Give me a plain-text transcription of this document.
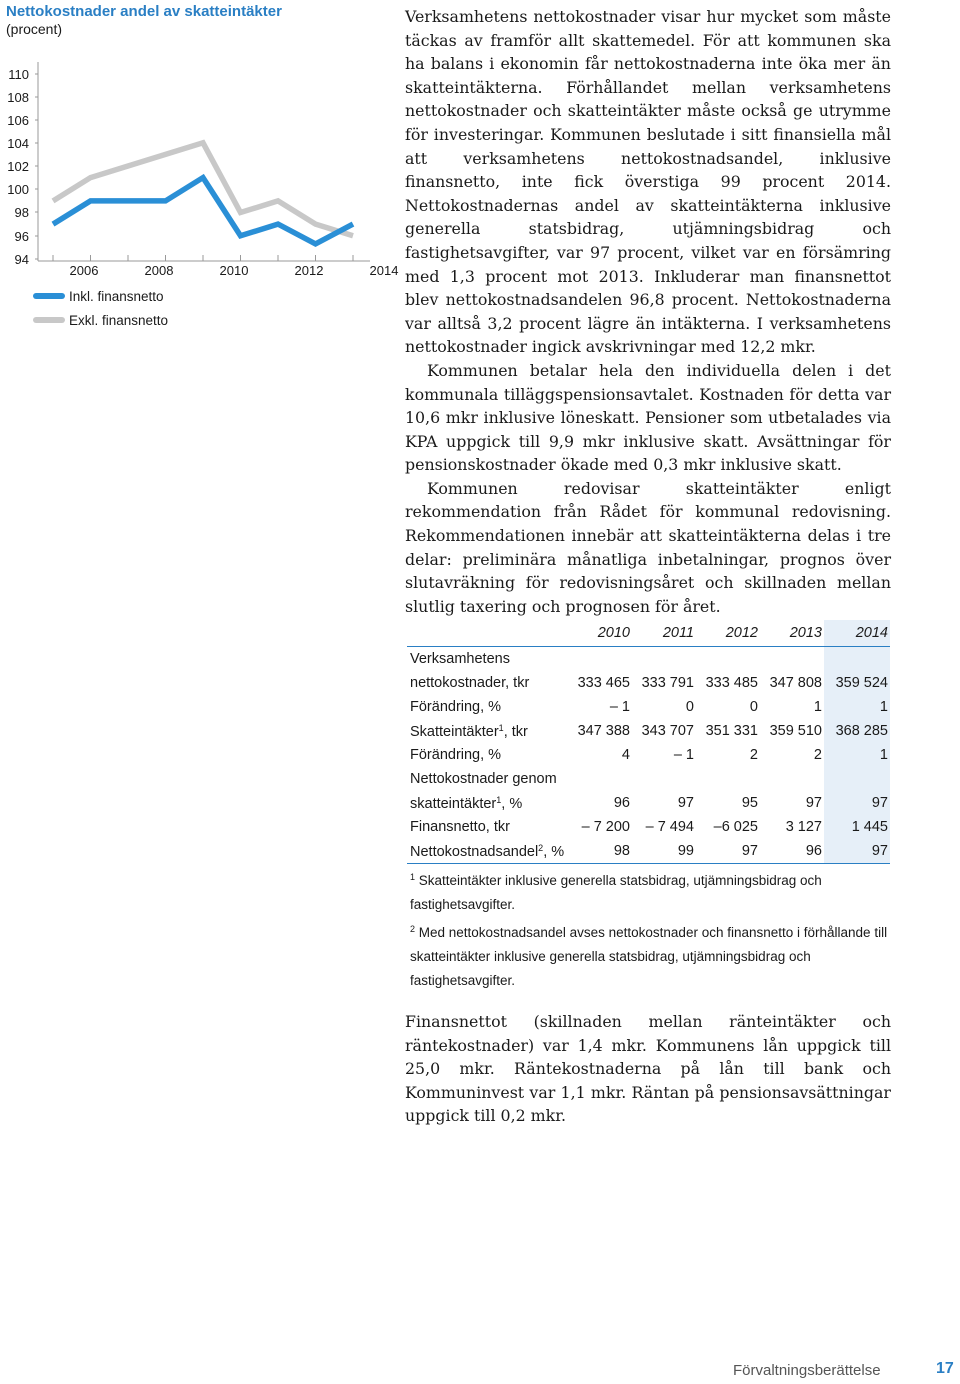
Nettokostnader andel av skatteintäkter
(procent)
110
108
106
104
102
100
98
96
94
2006	2008	2010	2012	2014
Inkl. finansnetto
Exkl. finansnetto

Verksamhetens nettokostnader visar hur mycket som måste täckas av framför allt skattemedel. För att kommunen ska ha balans i ekonomin får nettokostnaderna inte öka mer än skatteintäkterna. Förhållandet mellan verksamhetens nettokostnader och skatteintäkter måste också ge utrymme för investeringar. Kommunen beslutade i sitt finansiella mål att verksamhetens nettokostnadsandel, inklusive finansnetto, inte fick överstiga 99 procent 2014. Nettokostnadernas andel av skatteintäkterna inklusive generella statsbidrag, utjämningsbidrag och fastighetsavgifter, var 97 procent, vilket var en försämring med 1,3 procent mot 2013. Inkluderar man finansnettot blev nettokostnadsandelen 96,8 procent. Nettokostnaderna var alltså 3,2 procent lägre än intäkterna. I verksamhetens nettokostnader ingick avskrivningar med 12,2 mkr.

Kommunen betalar hela den individuella delen i det kommunala tilläggspensionsavtalet. Kostnaden för detta var 10,6 mkr inklusive löneskatt. Pensioner som utbetalades via KPA uppgick till 9,9 mkr inklusive skatt. Avsättningar för pensionskostnader ökade med 0,3 mkr inklusive skatt.

Kommunen redovisar skatteintäkter enligt rekommendation från Rådet för kommunal redovisning. Rekommendationen innebär att skatteintäkterna delas i tre delar: preliminära månatliga inbetalningar, prognos över slutavräkning för redovisningsåret och skillnaden mellan slutlig taxering och prognosen för året.

	2010	2011	2012	2013	2014
Verksamhetens					
nettokostnader, tkr	333 465	333 791	333 485	347 808	359 524
Förändring, %	– 1	0	0	1	1
Skatteintäkter$^1$, tkr	347 388	343 707	351 331	359 510	368 285
Förändring, %	4	– 1	2	2	1
Nettokostnader genom					
skatteintäkter$^1$, %	96	97	95	97	97
Finansnetto, tkr	– 7 200	– 7 494	–6 025	3 127	1 445
Nettokostnadsandel$^2$, %	98	99	97	96	97

$^1$ Skatteintäkter inklusive generella statsbidrag, utjämningsbidrag och fastighetsavgifter.

$^2$ Med nettokostnadsandel avses nettokostnader och finansnetto i förhållande till skatteintäkter inklusive generella statsbidrag, utjämningsbidrag och fastighetsavgifter.

Finansnettot (skillnaden mellan ränteintäkter och räntekostnader) var 1,4 mkr. Kommunens lån uppgick till 25,0 mkr. Räntekostnaderna på lån till bank och Kommuninvest var 1,1 mkr. Räntan på pensionsavsättningar uppgick till 0,2 mkr.

Förvaltningsberättelse	17
